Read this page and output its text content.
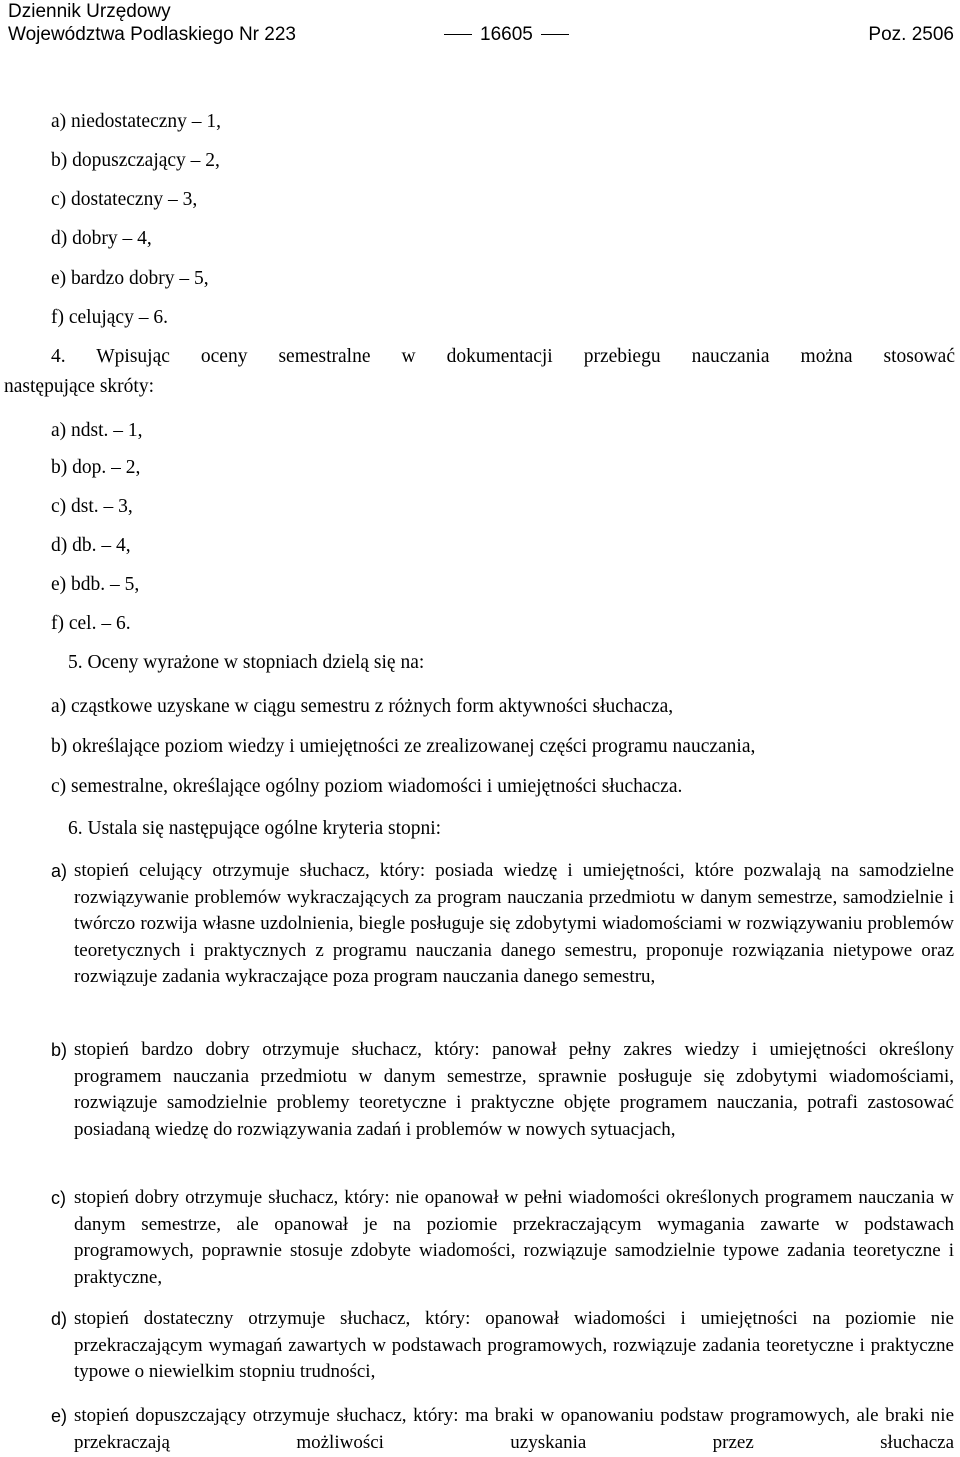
Dziennik Urzędowy
Województwa Podlaskiego Nr 223	16605	Poz. 2506
a) niedostateczny – 1,
b) dopuszczający – 2,
c) dostateczny – 3,
d) dobry – 4,
e) bardzo dobry – 5,
f) celujący – 6.
4. Wpisując oceny semestralne w dokumentacji przebiegu nauczania można stosować
następujące skróty:
a) ndst. – 1,
b) dop. – 2,
c) dst. – 3,
d) db. – 4,
e) bdb. – 5,
f) cel. – 6.
5. Oceny wyrażone w stopniach dzielą się na:
a) cząstkowe uzyskane w ciągu semestru z różnych form aktywności słuchacza,
b) określające poziom wiedzy i umiejętności ze zrealizowanej części programu nauczania,
c) semestralne, określające ogólny poziom wiadomości i umiejętności słuchacza.
6. Ustala się następujące ogólne kryteria stopni:
a) stopień celujący otrzymuje słuchacz, który: posiada wiedzę i umiejętności, które pozwalają na samodzielne rozwiązywanie problemów wykraczających za program nauczania przedmiotu w danym semestrze, samodzielnie i twórczo rozwija własne uzdolnienia, biegle posługuje się zdobytymi wiadomościami w rozwiązywaniu problemów teoretycznych i praktycznych z programu nauczania danego semestru, proponuje rozwiązania nietypowe oraz rozwiązuje zadania wykraczające poza program nauczania danego semestru,
b) stopień bardzo dobry otrzymuje słuchacz, który: panował pełny zakres wiedzy i umiejętności określony programem nauczania przedmiotu w danym semestrze, sprawnie posługuje się zdobytymi wiadomościami, rozwiązuje samodzielnie problemy teoretyczne i praktyczne objęte programem nauczania, potrafi zastosować posiadaną wiedzę do rozwiązywania zadań i problemów w nowych sytuacjach,
c) stopień dobry otrzymuje słuchacz, który: nie opanował w pełni wiadomości określonych programem nauczania w danym semestrze, ale opanował je na poziomie przekraczającym wymagania zawarte w podstawach programowych, poprawnie stosuje zdobyte wiadomości, rozwiązuje samodzielnie typowe zadania teoretyczne i praktyczne,
d) stopień dostateczny otrzymuje słuchacz, który: opanował wiadomości i umiejętności na poziomie nie przekraczającym wymagań zawartych w podstawach programowych, rozwiązuje zadania teoretyczne i praktyczne typowe o niewielkim stopniu trudności,
e) stopień dopuszczający otrzymuje słuchacz, który: ma braki w opanowaniu podstaw programowych, ale braki nie przekraczają możliwości uzyskania przez słuchacza
